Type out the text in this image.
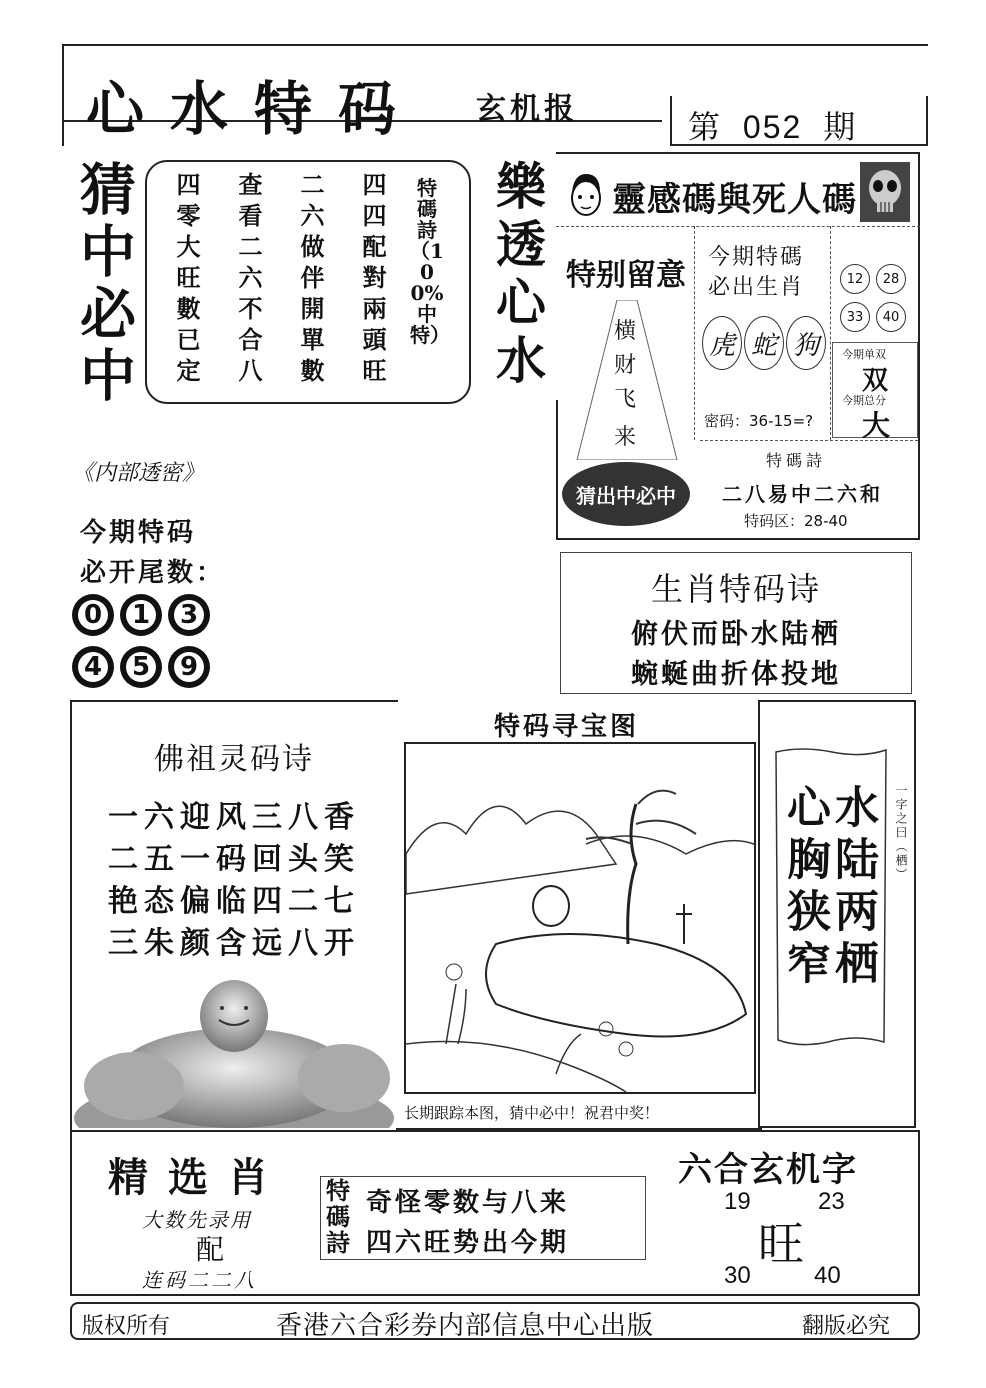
心水特码 玄机报	第 052 期
猜中必中 四零大旺數已定 查看二六不合八 二六做伴開單數 四四配對兩頭旺	特碼詩（100%中特） 樂透心水 靈感碼與死人碼
特别留意
横
财
飞
来
猜出中必中
今期特碼
必出生肖
虎 蛇 狗
密码：36-15=?
12	28
33	40
今期单双
双
今期总分
大
特碼詩
二八易中二六和
特码区：28-40
《内部透密》
今期特码
必开尾数：
0 1 3
4 5 9
生肖特码诗
俯伏而卧水陆栖
蜿蜒曲折体投地
佛祖灵码诗
一六迎风三八香
二五一码回头笑
艳态偏临四二七
三朱颜含远八开
特码寻宝图
长期跟踪本图，猜中必中！祝君中奖！
水陆两栖
心胸狭窄	一字之曰（栖）
精选肖
大数先录用
配
连码二二八
特碼詩
奇怪零数与八来
四六旺势出今期
六合玄机字
19	23
旺
30	40
版权所有	香港六合彩券内部信息中心出版	翻版必究
